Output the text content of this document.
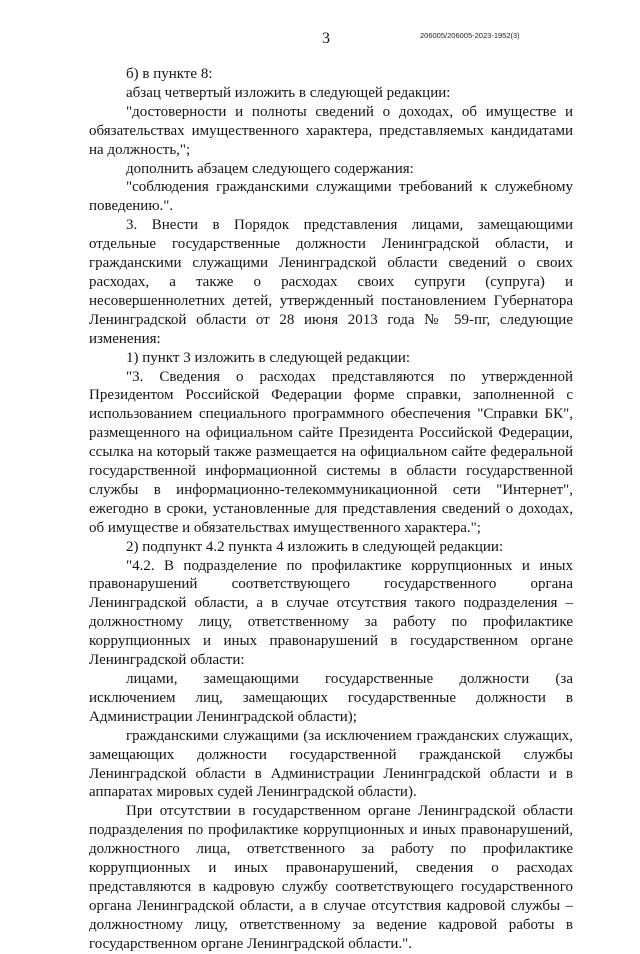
3	206005/206005-2023-1952(3)

б) в пункте 8:

абзац четвертый изложить в следующей редакции:

"достоверности и полноты сведений о доходах, об имуществе и обязательствах имущественного характера, представляемых кандидатами на должность,";

дополнить абзацем следующего содержания:

"соблюдения гражданскими служащими требований к служебному поведению.".

3. Внести в Порядок представления лицами, замещающими отдельные государственные должности Ленинградской области, и гражданскими служащими Ленинградской области сведений о своих расходах, а также о расходах своих супруги (супруга) и несовершеннолетних детей, утвержденный постановлением Губернатора Ленинградской области от 28 июня 2013 года № 59-пг, следующие изменения:

1) пункт 3 изложить в следующей редакции:

"3. Сведения о расходах представляются по утвержденной Президентом Российской Федерации форме справки, заполненной с использованием специального программного обеспечения "Справки БК", размещенного на официальном сайте Президента Российской Федерации, ссылка на который также размещается на официальном сайте федеральной государственной информационной системы в области государственной службы в информационно-телекоммуникационной сети "Интернет", ежегодно в сроки, установленные для представления сведений о доходах, об имуществе и обязательствах имущественного характера.";

2) подпункт 4.2 пункта 4 изложить в следующей редакции:

"4.2. В подразделение по профилактике коррупционных и иных правонарушений соответствующего государственного органа Ленинградской области, а в случае отсутствия такого подразделения – должностному лицу, ответственному за работу по профилактике коррупционных и иных правонарушений в государственном органе Ленинградской области:

лицами, замещающими государственные должности (за исключением лиц, замещающих государственные должности в Администрации Ленинградской области);

гражданскими служащими (за исключением гражданских служащих, замещающих должности государственной гражданской службы Ленинградской области в Администрации Ленинградской области и в аппаратах мировых судей Ленинградской области).

При отсутствии в государственном органе Ленинградской области подразделения по профилактике коррупционных и иных правонарушений, должностного лица, ответственного за работу по профилактике коррупционных и иных правонарушений, сведения о расходах представляются в кадровую службу соответствующего государственного органа Ленинградской области, а в случае отсутствия кадровой службы – должностному лицу, ответственному за ведение кадровой работы в государственном органе Ленинградской области.".
